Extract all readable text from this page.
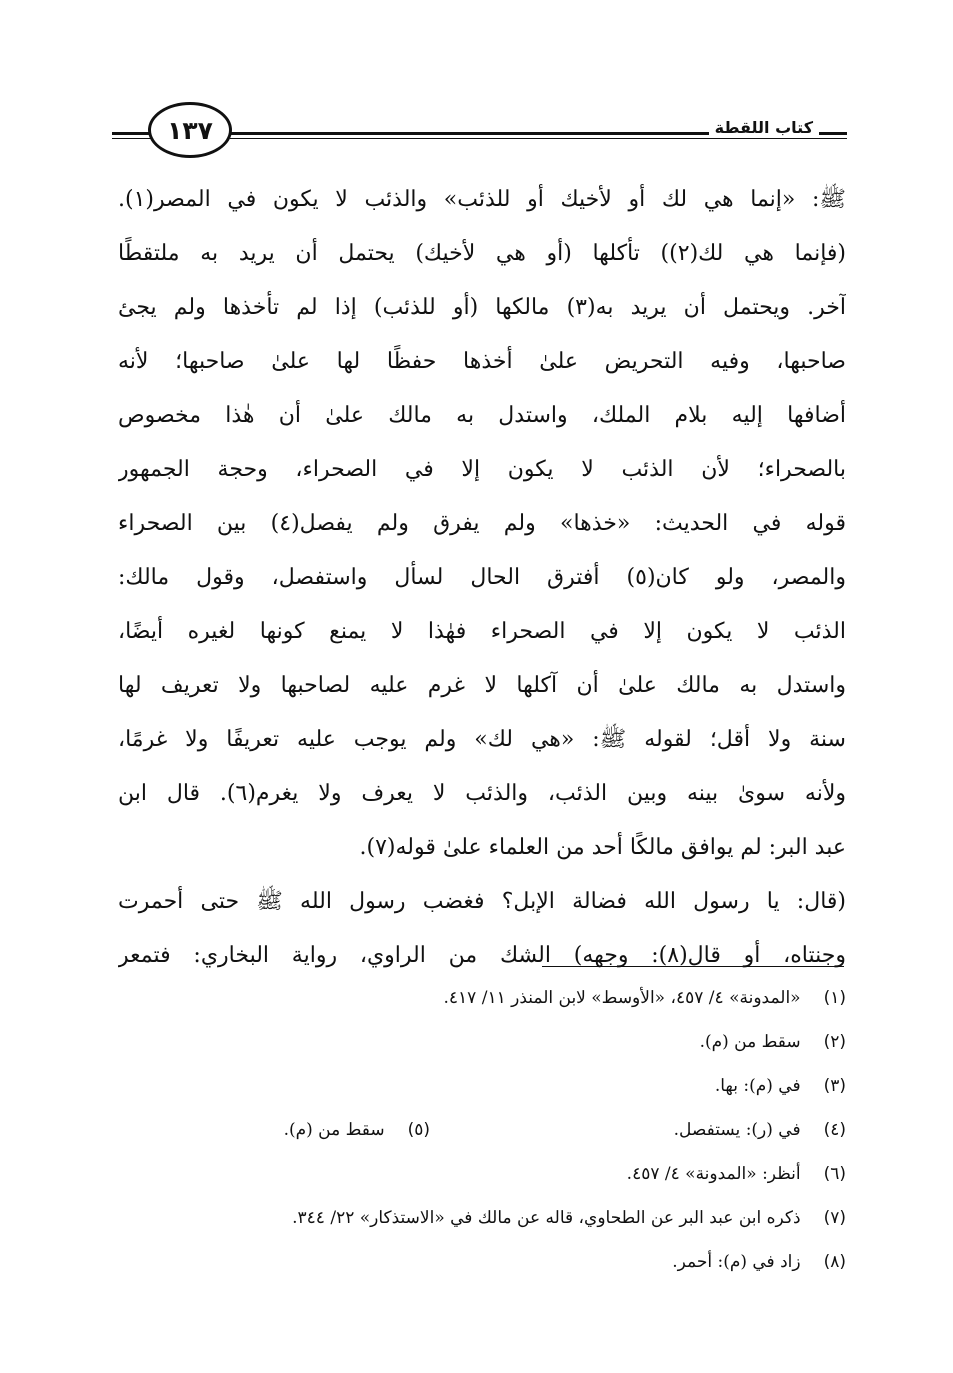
١٣٧	كتاب اللقطة
ﷺ: «إنما هي لك أو لأخيك أو للذئب» والذئب لا يكون في المصر(١).
(فإنما هي لك(٢)) تأكلها (أو هي لأخيك) يحتمل أن يريد به ملتقطًا
آخر. ويحتمل أن يريد به(٣) مالكها (أو للذئب) إذا لم تأخذها ولم يجئ
صاحبها، وفيه التحريض علىٰ أخذها حفظًا لها علىٰ صاحبها؛ لأنه
أضافها إليه بلام الملك، واستدل به مالك علىٰ أن هٰذا مخصوص
بالصحراء؛ لأن الذئب لا يكون إلا في الصحراء، وحجة الجمهور
قوله في الحديث: «خذها» ولم يفرق ولم يفصل(٤) بين الصحراء
والمصر، ولو كان(٥) أفترق الحال لسأل واستفصل، وقول مالك:
الذئب لا يكون إلا في الصحراء فهٰذا لا يمنع كونها لغيره أيضًا،
واستدل به مالك علىٰ أن آكلها لا غرم عليه لصاحبها ولا تعريف لها
سنة ولا أقل؛ لقوله ﷺ: «هي لك» ولم يوجب عليه تعريفًا ولا غرمًا،
ولأنه سوىٰ بينه وبين الذئب، والذئب لا يعرف ولا يغرم(٦). قال ابن
عبد البر: لم يوافق مالكًا أحد من العلماء علىٰ قوله(٧).
(قال: يا رسول الله فضالة الإبل؟ فغضب رسول الله ﷺ حتى أحمرت
وجنتاه، أو قال(٨): وجهه) الشك من الراوي، رواية البخاري: فتمعر
(١) «المدونة» ٤/ ٤٥٧، «الأوسط» لابن المنذر ١١/ ٤١٧.
(٢) سقط من (م).
(٣) في (م): بها.
(٤) في (ر): يستفصل.
(٥) سقط من (م).
(٦) أنظر: «المدونة» ٤/ ٤٥٧.
(٧) ذكره ابن عبد البر عن الطحاوي، قاله عن مالك في «الاستذكار» ٢٢/ ٣٤٤.
(٨) زاد في (م): أحمر.
